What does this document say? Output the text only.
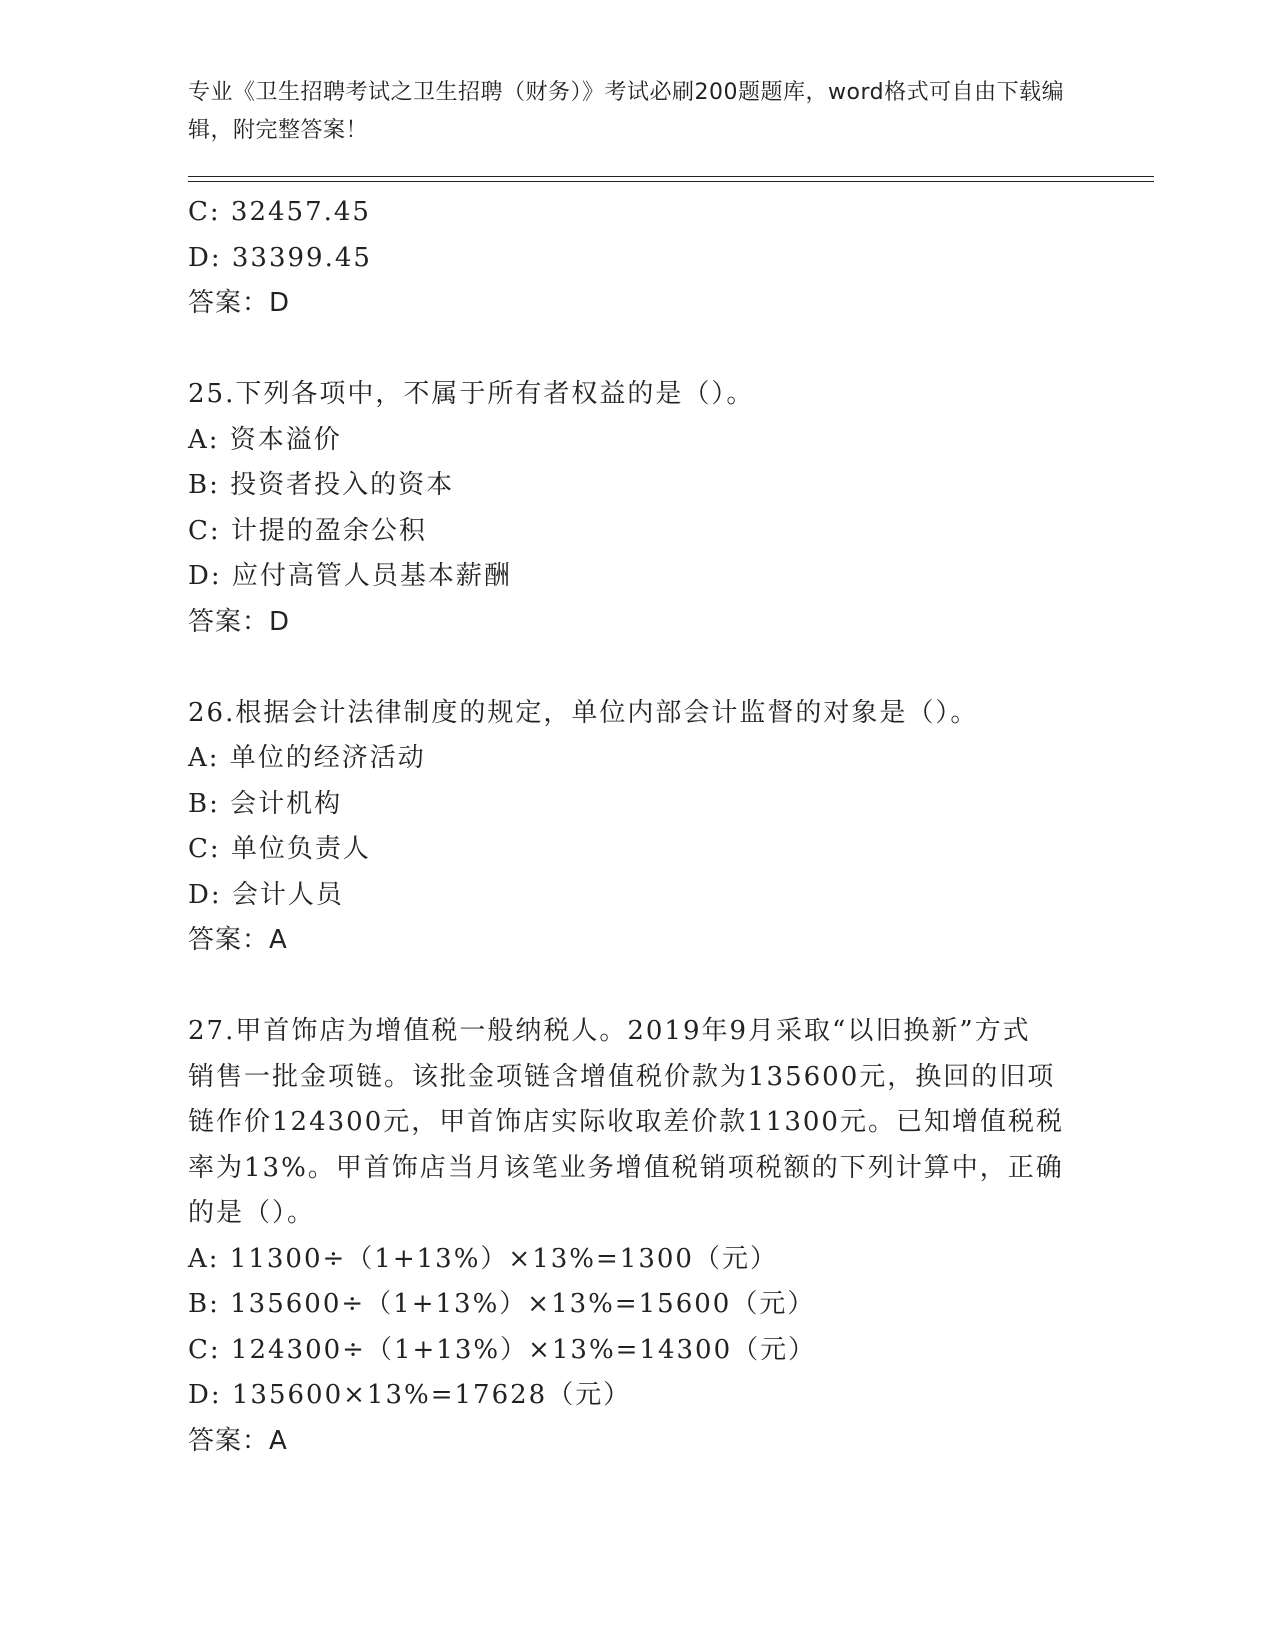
专业《卫生招聘考试之卫生招聘（财务）》考试必刷200题题库，word格式可自由下载编辑，附完整答案！
C: 32457.45
D: 33399.45
答案：D
25.下列各项中，不属于所有者权益的是（）。
A: 资本溢价
B: 投资者投入的资本
C: 计提的盈余公积
D: 应付高管人员基本薪酬
答案：D
26.根据会计法律制度的规定，单位内部会计监督的对象是（）。
A: 单位的经济活动
B: 会计机构
C: 单位负责人
D: 会计人员
答案：A
27.甲首饰店为增值税一般纳税人。2019年9月采取“以旧换新”方式
销售一批金项链。该批金项链含增值税价款为135600元，换回的旧项
链作价124300元，甲首饰店实际收取差价款11300元。已知增值税税
率为13%。甲首饰店当月该笔业务增值税销项税额的下列计算中，正确
的是（）。
A: 11300÷（1+13%）×13%=1300（元）
B: 135600÷（1+13%）×13%=15600（元）
C: 124300÷（1+13%）×13%=14300（元）
D: 135600×13%=17628（元）
答案：A
